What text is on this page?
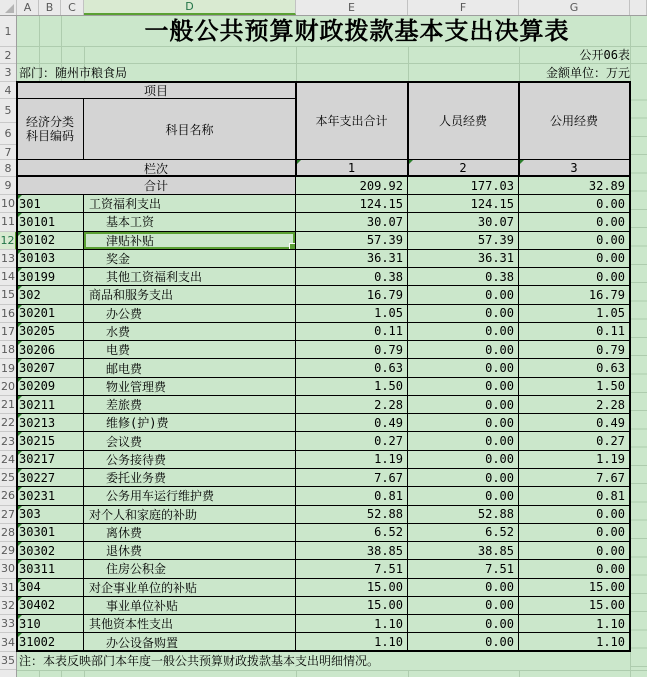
A	B	C	D	E	F	G
1
2
3
4
5
6
7
8
9
10
11
12
13
14
15
16
17
18
19
20
21
22
23
24
25
26
27
28
29
30
31
32
33
34
35
一般公共预算财政拨款基本支出决算表
公开06表
部门：随州市粮食局	金额单位：万元
注：本表反映部门本年度一般公共预算财政拨款基本支出明细情况。
项目
本年支出合计	人员经费	公用经费
经济分类
科目编码	科目名称
栏次	1	2	3
合计	209.92	177.03	32.89
301	工资福利支出	124.15	124.15	0.00
30101	基本工资	30.07	30.07	0.00
30102	津贴补贴	57.39	57.39	0.00
30103	奖金	36.31	36.31	0.00
30199	其他工资福利支出	0.38	0.38	0.00
302	商品和服务支出	16.79	0.00	16.79
30201	办公费	1.05	0.00	1.05
30205	水费	0.11	0.00	0.11
30206	电费	0.79	0.00	0.79
30207	邮电费	0.63	0.00	0.63
30209	物业管理费	1.50	0.00	1.50
30211	差旅费	2.28	0.00	2.28
30213	维修(护)费	0.49	0.00	0.49
30215	会议费	0.27	0.00	0.27
30217	公务接待费	1.19	0.00	1.19
30227	委托业务费	7.67	0.00	7.67
30231	公务用车运行维护费	0.81	0.00	0.81
303	对个人和家庭的补助	52.88	52.88	0.00
30301	离休费	6.52	6.52	0.00
30302	退休费	38.85	38.85	0.00
30311	住房公积金	7.51	7.51	0.00
304	对企事业单位的补贴	15.00	0.00	15.00
30402	事业单位补贴	15.00	0.00	15.00
310	其他资本性支出	1.10	0.00	1.10
31002	办公设备购置	1.10	0.00	1.10
